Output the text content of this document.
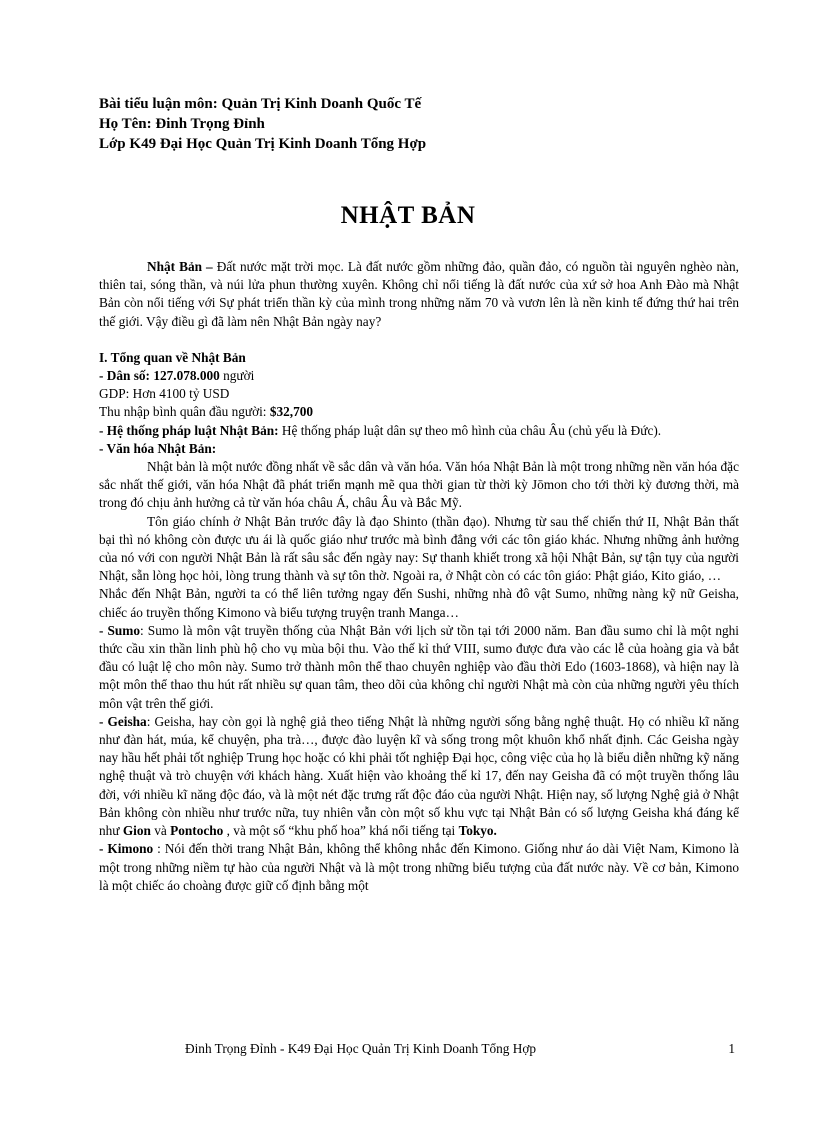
Bài tiểu luận môn: Quản Trị Kinh Doanh Quốc Tế
Họ Tên: Đinh Trọng Đỉnh
Lớp K49 Đại Học Quản Trị Kinh Doanh Tổng Hợp
NHẬT BẢN

Nhật Bản – Đất nước mặt trời mọc. Là đất nước gồm những đảo, quần đảo, có nguồn tài nguyên nghèo nàn, thiên tai, sóng thần, và núi lửa phun thường xuyên. Không chỉ nổi tiếng là đất nước của xứ sở hoa Anh Đào mà Nhật Bản còn nổi tiếng với Sự phát triển thần kỳ của mình trong những năm 70 và vươn lên là nền kinh tế đứng thứ hai trên thế giới. Vậy điều gì đã làm nên Nhật Bản ngày nay?

I. Tổng quan về Nhật Bản

- Dân số: 127.078.000 người

GDP: Hơn 4100 tỷ USD

Thu nhập bình quân đầu người: $32,700

- Hệ thống pháp luật Nhật Bản: Hệ thống pháp luật dân sự theo mô hình của châu Âu (chủ yếu là Đức).

- Văn hóa Nhật Bản:

Nhật bản là một nước đồng nhất về sắc dân và văn hóa. Văn hóa Nhật Bản là một trong những nền văn hóa đặc sắc nhất thế giới, văn hóa Nhật đã phát triển mạnh mẽ qua thời gian từ thời kỳ Jōmon cho tới thời kỳ đương thời, mà trong đó chịu ảnh hưởng cả từ văn hóa châu Á, châu Âu và Bắc Mỹ.

Tôn giáo chính ở Nhật Bản trước đây là đạo Shinto (thần đạo). Nhưng từ sau thế chiến thứ II, Nhật Bản thất bại thì nó không còn được ưu ái là quốc giáo như trước mà bình đẳng với các tôn giáo khác. Nhưng những ảnh hưởng của nó với con người Nhật Bản là rất sâu sắc đến ngày nay: Sự thanh khiết trong xã hội Nhật Bản, sự tận tụy của người Nhật, sẵn lòng học hỏi, lòng trung thành và sự tôn thờ. Ngoài ra, ở Nhật còn có các tôn giáo: Phật giáo, Kito giáo, …

Nhắc đến Nhật Bản, người ta có thể liên tưởng ngay đến Sushi, những nhà đô vật Sumo, những nàng kỹ nữ Geisha, chiếc áo truyền thống Kimono và biểu tượng truyện tranh Manga…

- Sumo: Sumo là môn vật truyền thống của Nhật Bản với lịch sử tồn tại tới 2000 năm. Ban đầu sumo chỉ là một nghi thức cầu xin thần linh phù hộ cho vụ mùa bội thu. Vào thế kỉ thứ VIII, sumo được đưa vào các lễ của hoàng gia và bắt đầu có luật lệ cho môn này. Sumo trở thành môn thể thao chuyên nghiệp vào đầu thời Edo (1603-1868), và hiện nay là một môn thể thao thu hút rất nhiều sự quan tâm, theo dõi của không chỉ người Nhật mà còn của những người yêu thích môn vật trên thế giới.

- Geisha: Geisha, hay còn gọi là nghệ giả theo tiếng Nhật là những người sống bằng nghệ thuật. Họ có nhiều kĩ năng như đàn hát, múa, kể chuyện, pha trà…, được đào luyện kĩ và sống trong một khuôn khổ nhất định. Các Geisha ngày nay hầu hết phải tốt nghiệp Trung học hoặc có khi phải tốt nghiệp Đại học, công việc của họ là biểu diễn những kỹ năng nghệ thuật và trò chuyện với khách hàng. Xuất hiện vào khoảng thế kỉ 17, đến nay Geisha đã có một truyền thống lâu đời, với nhiều kĩ năng độc đáo, và là một nét đặc trưng rất độc đáo của người Nhật. Hiện nay, số lượng Nghệ giả ở Nhật Bản không còn nhiều như trước nữa, tuy nhiên vẫn còn một số khu vực tại Nhật Bản có số lượng Geisha khá đáng kể như Gion và Pontocho , và một số “khu phố hoa” khá nổi tiếng tại Tokyo.

- Kimono : Nói đến thời trang Nhật Bản, không thể không nhắc đến Kimono. Giống như áo dài Việt Nam, Kimono là một trong những niềm tự hào của người Nhật và là một trong những biểu tượng của đất nước này. Về cơ bản, Kimono là một chiếc áo choàng được giữ cố định bằng một

Đinh Trọng Đỉnh - K49 Đại Học Quản Trị Kinh Doanh Tổng Hợp	1
